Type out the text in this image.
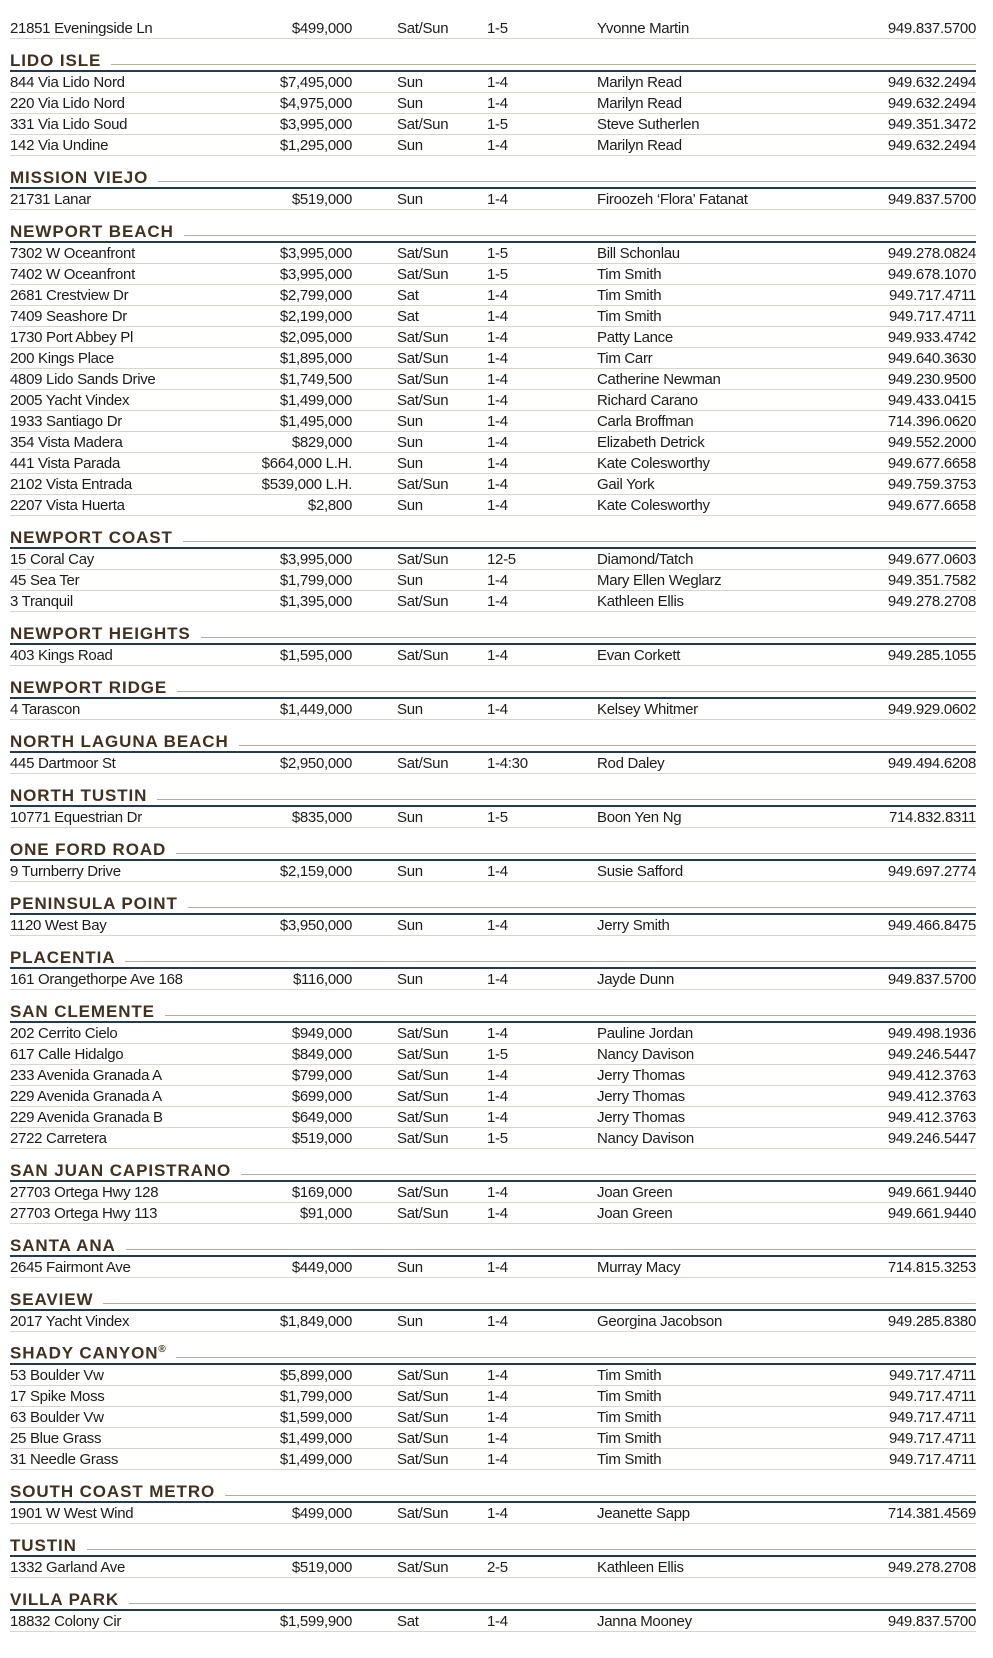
21851 Eveningside Ln	$499,000	Sat/Sun	1-5	Yvonne Martin	949.837.5700
LIDO ISLE
844 Via Lido Nord	$7,495,000	Sun	1-4	Marilyn Read	949.632.2494
220 Via Lido Nord	$4,975,000	Sun	1-4	Marilyn Read	949.632.2494
331 Via Lido Soud	$3,995,000	Sat/Sun	1-5	Steve Sutherlen	949.351.3472
142 Via Undine	$1,295,000	Sun	1-4	Marilyn Read	949.632.2494
MISSION VIEJO
21731 Lanar	$519,000	Sun	1-4	Firoozeh ‘Flora’ Fatanat	949.837.5700
NEWPORT BEACH
7302 W Oceanfront	$3,995,000	Sat/Sun	1-5	Bill Schonlau	949.278.0824
7402 W Oceanfront	$3,995,000	Sat/Sun	1-5	Tim Smith	949.678.1070
2681 Crestview Dr	$2,799,000	Sat	1-4	Tim Smith	949.717.4711
7409 Seashore Dr	$2,199,000	Sat	1-4	Tim Smith	949.717.4711
1730 Port Abbey Pl	$2,095,000	Sat/Sun	1-4	Patty Lance	949.933.4742
200 Kings Place	$1,895,000	Sat/Sun	1-4	Tim Carr	949.640.3630
4809 Lido Sands Drive	$1,749,500	Sat/Sun	1-4	Catherine Newman	949.230.9500
2005 Yacht Vindex	$1,499,000	Sat/Sun	1-4	Richard Carano	949.433.0415
1933 Santiago Dr	$1,495,000	Sun	1-4	Carla Broffman	714.396.0620
354 Vista Madera	$829,000	Sun	1-4	Elizabeth Detrick	949.552.2000
441 Vista Parada	$664,000 L.H.	Sun	1-4	Kate Colesworthy	949.677.6658
2102 Vista Entrada	$539,000 L.H.	Sat/Sun	1-4	Gail York	949.759.3753
2207 Vista Huerta	$2,800	Sun	1-4	Kate Colesworthy	949.677.6658
NEWPORT COAST
15 Coral Cay	$3,995,000	Sat/Sun	12-5	Diamond/Tatch	949.677.0603
45 Sea Ter	$1,799,000	Sun	1-4	Mary Ellen Weglarz	949.351.7582
3 Tranquil	$1,395,000	Sat/Sun	1-4	Kathleen Ellis	949.278.2708
NEWPORT HEIGHTS
403 Kings Road	$1,595,000	Sat/Sun	1-4	Evan Corkett	949.285.1055
NEWPORT RIDGE
4 Tarascon	$1,449,000	Sun	1-4	Kelsey Whitmer	949.929.0602
NORTH LAGUNA BEACH
445 Dartmoor St	$2,950,000	Sat/Sun	1-4:30	Rod Daley	949.494.6208
NORTH TUSTIN
10771 Equestrian Dr	$835,000	Sun	1-5	Boon Yen Ng	714.832.8311
ONE FORD ROAD
9 Turnberry Drive	$2,159,000	Sun	1-4	Susie Safford	949.697.2774
PENINSULA POINT
1120 West Bay	$3,950,000	Sun	1-4	Jerry Smith	949.466.8475
PLACENTIA
161 Orangethorpe Ave 168	$116,000	Sun	1-4	Jayde Dunn	949.837.5700
SAN CLEMENTE
202 Cerrito Cielo	$949,000	Sat/Sun	1-4	Pauline Jordan	949.498.1936
617 Calle Hidalgo	$849,000	Sat/Sun	1-5	Nancy Davison	949.246.5447
233 Avenida Granada A	$799,000	Sat/Sun	1-4	Jerry Thomas	949.412.3763
229 Avenida Granada A	$699,000	Sat/Sun	1-4	Jerry Thomas	949.412.3763
229 Avenida Granada B	$649,000	Sat/Sun	1-4	Jerry Thomas	949.412.3763
2722 Carretera	$519,000	Sat/Sun	1-5	Nancy Davison	949.246.5447
SAN JUAN CAPISTRANO
27703 Ortega Hwy 128	$169,000	Sat/Sun	1-4	Joan Green	949.661.9440
27703 Ortega Hwy 113	$91,000	Sat/Sun	1-4	Joan Green	949.661.9440
SANTA ANA
2645 Fairmont Ave	$449,000	Sun	1-4	Murray Macy	714.815.3253
SEAVIEW
2017 Yacht Vindex	$1,849,000	Sun	1-4	Georgina Jacobson	949.285.8380
SHADY CANYON®
53 Boulder Vw	$5,899,000	Sat/Sun	1-4	Tim Smith	949.717.4711
17 Spike Moss	$1,799,000	Sat/Sun	1-4	Tim Smith	949.717.4711
63 Boulder Vw	$1,599,000	Sat/Sun	1-4	Tim Smith	949.717.4711
25 Blue Grass	$1,499,000	Sat/Sun	1-4	Tim Smith	949.717.4711
31 Needle Grass	$1,499,000	Sat/Sun	1-4	Tim Smith	949.717.4711
SOUTH COAST METRO
1901 W West Wind	$499,000	Sat/Sun	1-4	Jeanette Sapp	714.381.4569
TUSTIN
1332 Garland Ave	$519,000	Sat/Sun	2-5	Kathleen Ellis	949.278.2708
VILLA PARK
18832 Colony Cir	$1,599,900	Sat	1-4	Janna Mooney	949.837.5700
